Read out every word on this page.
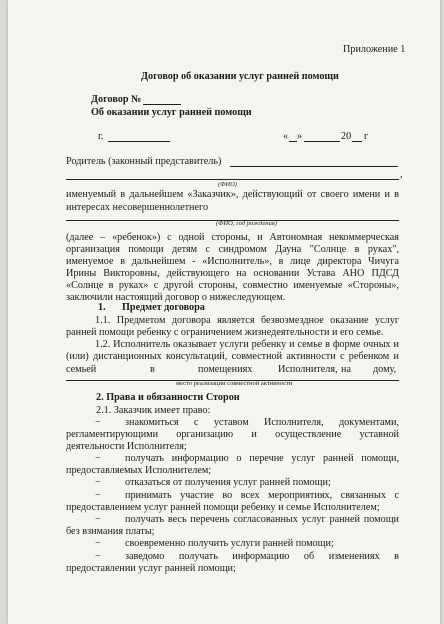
Приложение 1
Договор об оказании услуг ранней помощи
Договор №
Об оказании услуг ранней помощи
г.	« »	20 г
Родитель (законный представитель)
,
(ФИО)
именуемый в дальнейшем «Заказчик», действующий от своего имени и в
интересах несовершеннолетнего
(ФИО, год рождения)
(далее – «ребенок») с одной стороны, и Автономная некоммерческая
организация помощи детям с синдромом Дауна "Солнце в руках",
именуемое в дальнейшем - «Исполнитель», в лице директора Чичуга
Ирины Викторовны, действующего на основании Устава АНО ПДСД
«Солнце в руках» с другой стороны, совместно именуемые «Стороны»,
заключили настоящий договор о нижеследующем.
1. Предмет договора
1.1. Предметом договора является безвозмездное оказание услуг
ранней помощи ребенку с ограничением жизнедеятельности и его семье.
1.2. Исполнитель оказывает услуги ребенку и семье в форме очных и
(или) дистанционных консультаций, совместной активности с ребенком и
семьей	в	помещениях	Исполнителя, на дому,
место реализации совместной активности
2. Права и обязанности Сторон
2.1. Заказчик имеет право:
− знакомиться с уставом Исполнителя, документами,
регламентирующими организацию и осуществление уставной
деятельности Исполнителя;
− получать информацию о перечне услуг ранней помощи,
предоставляемых Исполнителем;
− отказаться от получения услуг ранней помощи;
− принимать участие во всех мероприятиях, связанных с
предоставлением услуг ранней помощи ребенку и семье Исполнителем;
− получать весь перечень согласованных услуг ранней помощи
без взимания платы;
− своевременно получить услуги ранней помощи;
− заведомо получать информацию об изменениях в
предоставлении услуг ранней помощи;
